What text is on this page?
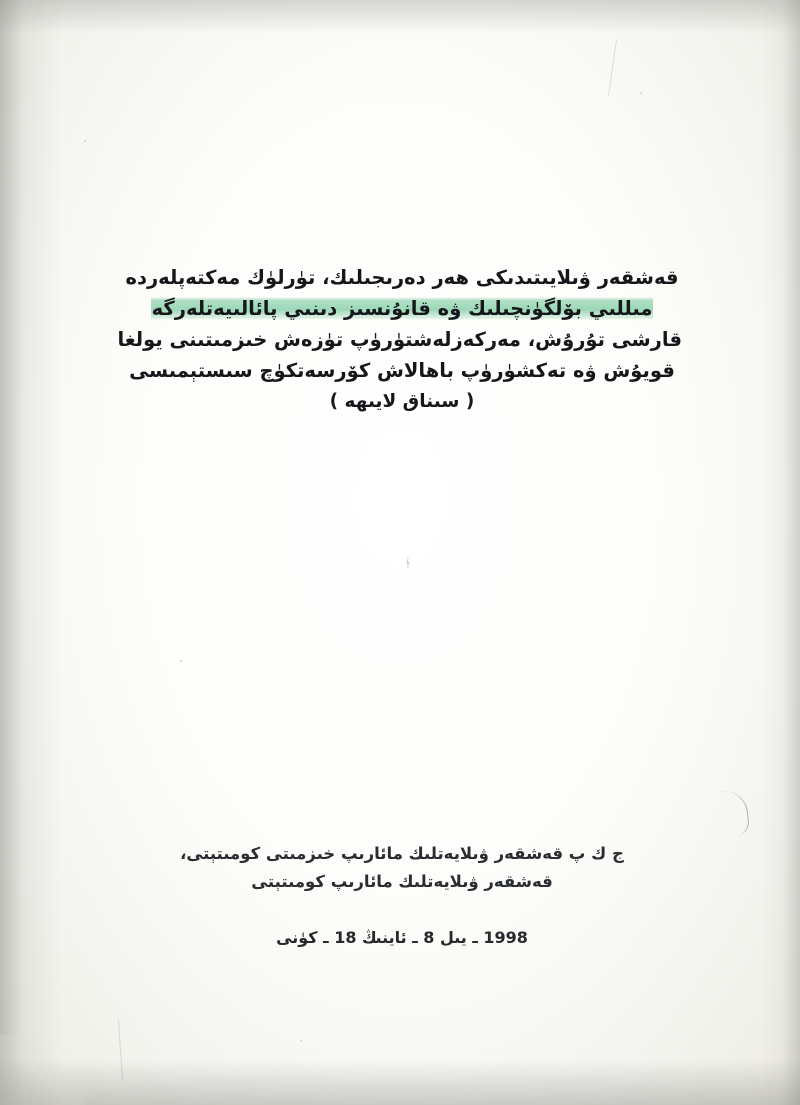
ᛀ
قەشقەر ۋىلايىتىدىكى ھەر دەرىجىلىك، تۈرلۈك مەكتەپلەردە
مىللىي بۆلگۈنچىلىك ۋە قانۇنسىز دىنىي پائالىيەتلەرگە
قارشى تۇرۇش، مەركەزلەشتۈرۈپ تۈزەش خىزمىتىنى يولغا
قويۇش ۋە تەكشۈرۈپ باھالاش كۆرسەتكۈچ سىستېمىسى
( سىناق لايىھە )
ج ك پ قەشقەر ۋىلايەتلىك مائارىپ خىزمىتى كومىتېتى،
قەشقەر ۋىلايەتلىك مائارىپ كومىتېتى
1998 ـ يىل 8 ـ ئاينىڭ 18 ـ كۈنى
